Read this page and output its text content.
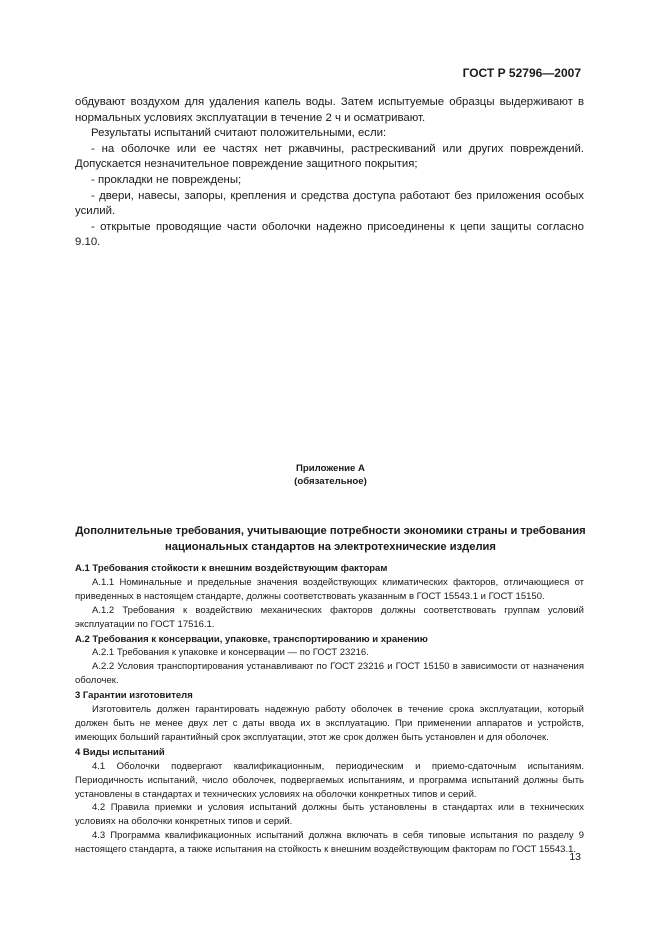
ГОСТ Р 52796—2007

обдувают воздухом для удаления капель воды. Затем испытуемые образцы выдерживают в нормальных условиях эксплуатации в течение 2 ч и осматривают.

Результаты испытаний считают положительными, если:

- на оболочке или ее частях нет ржавчины, растрескиваний или других повреждений. Допускается незначительное повреждение защитного покрытия;

- прокладки не повреждены;

- двери, навесы, запоры, крепления и средства доступа работают без приложения особых усилий.

- открытые проводящие части оболочки надежно присоединены к цепи защиты согласно 9.10.

Приложение А
(обязательное)
Дополнительные требования, учитывающие потребности экономики страны и требования
национальных стандартов на электротехнические изделия

А.1 Требования стойкости к внешним воздействующим факторам

А.1.1 Номинальные и предельные значения воздействующих климатических факторов, отличающиеся от приведенных в настоящем стандарте, должны соответствовать указанным в ГОСТ 15543.1 и ГОСТ 15150.

А.1.2 Требования к воздействию механических факторов должны соответствовать группам условий эксплуатации по ГОСТ 17516.1.

А.2 Требования к консервации, упаковке, транспортированию и хранению

А.2.1 Требования к упаковке и консервации — по ГОСТ 23216.

А.2.2 Условия транспортирования устанавливают по ГОСТ 23216 и ГОСТ 15150 в зависимости от назначения оболочек.

3 Гарантии изготовителя

Изготовитель должен гарантировать надежную работу оболочек в течение срока эксплуатации, который должен быть не менее двух лет с даты ввода их в эксплуатацию. При применении аппаратов и устройств, имеющих больший гарантийный срок эксплуатации, этот же срок должен быть установлен и для оболочек.

4 Виды испытаний

4.1 Оболочки подвергают квалификационным, периодическим и приемо-сдаточным испытаниям. Периодичность испытаний, число оболочек, подвергаемых испытаниям, и программа испытаний должны быть установлены в стандартах и технических условиях на оболочки конкретных типов и серий.

4.2 Правила приемки и условия испытаний должны быть установлены в стандартах или в технических условиях на оболочки конкретных типов и серий.

4.3 Программа квалификационных испытаний должна включать в себя типовые испытания по разделу 9 настоящего стандарта, а также испытания на стойкость к внешним воздействующим факторам по ГОСТ 15543.1.

13
